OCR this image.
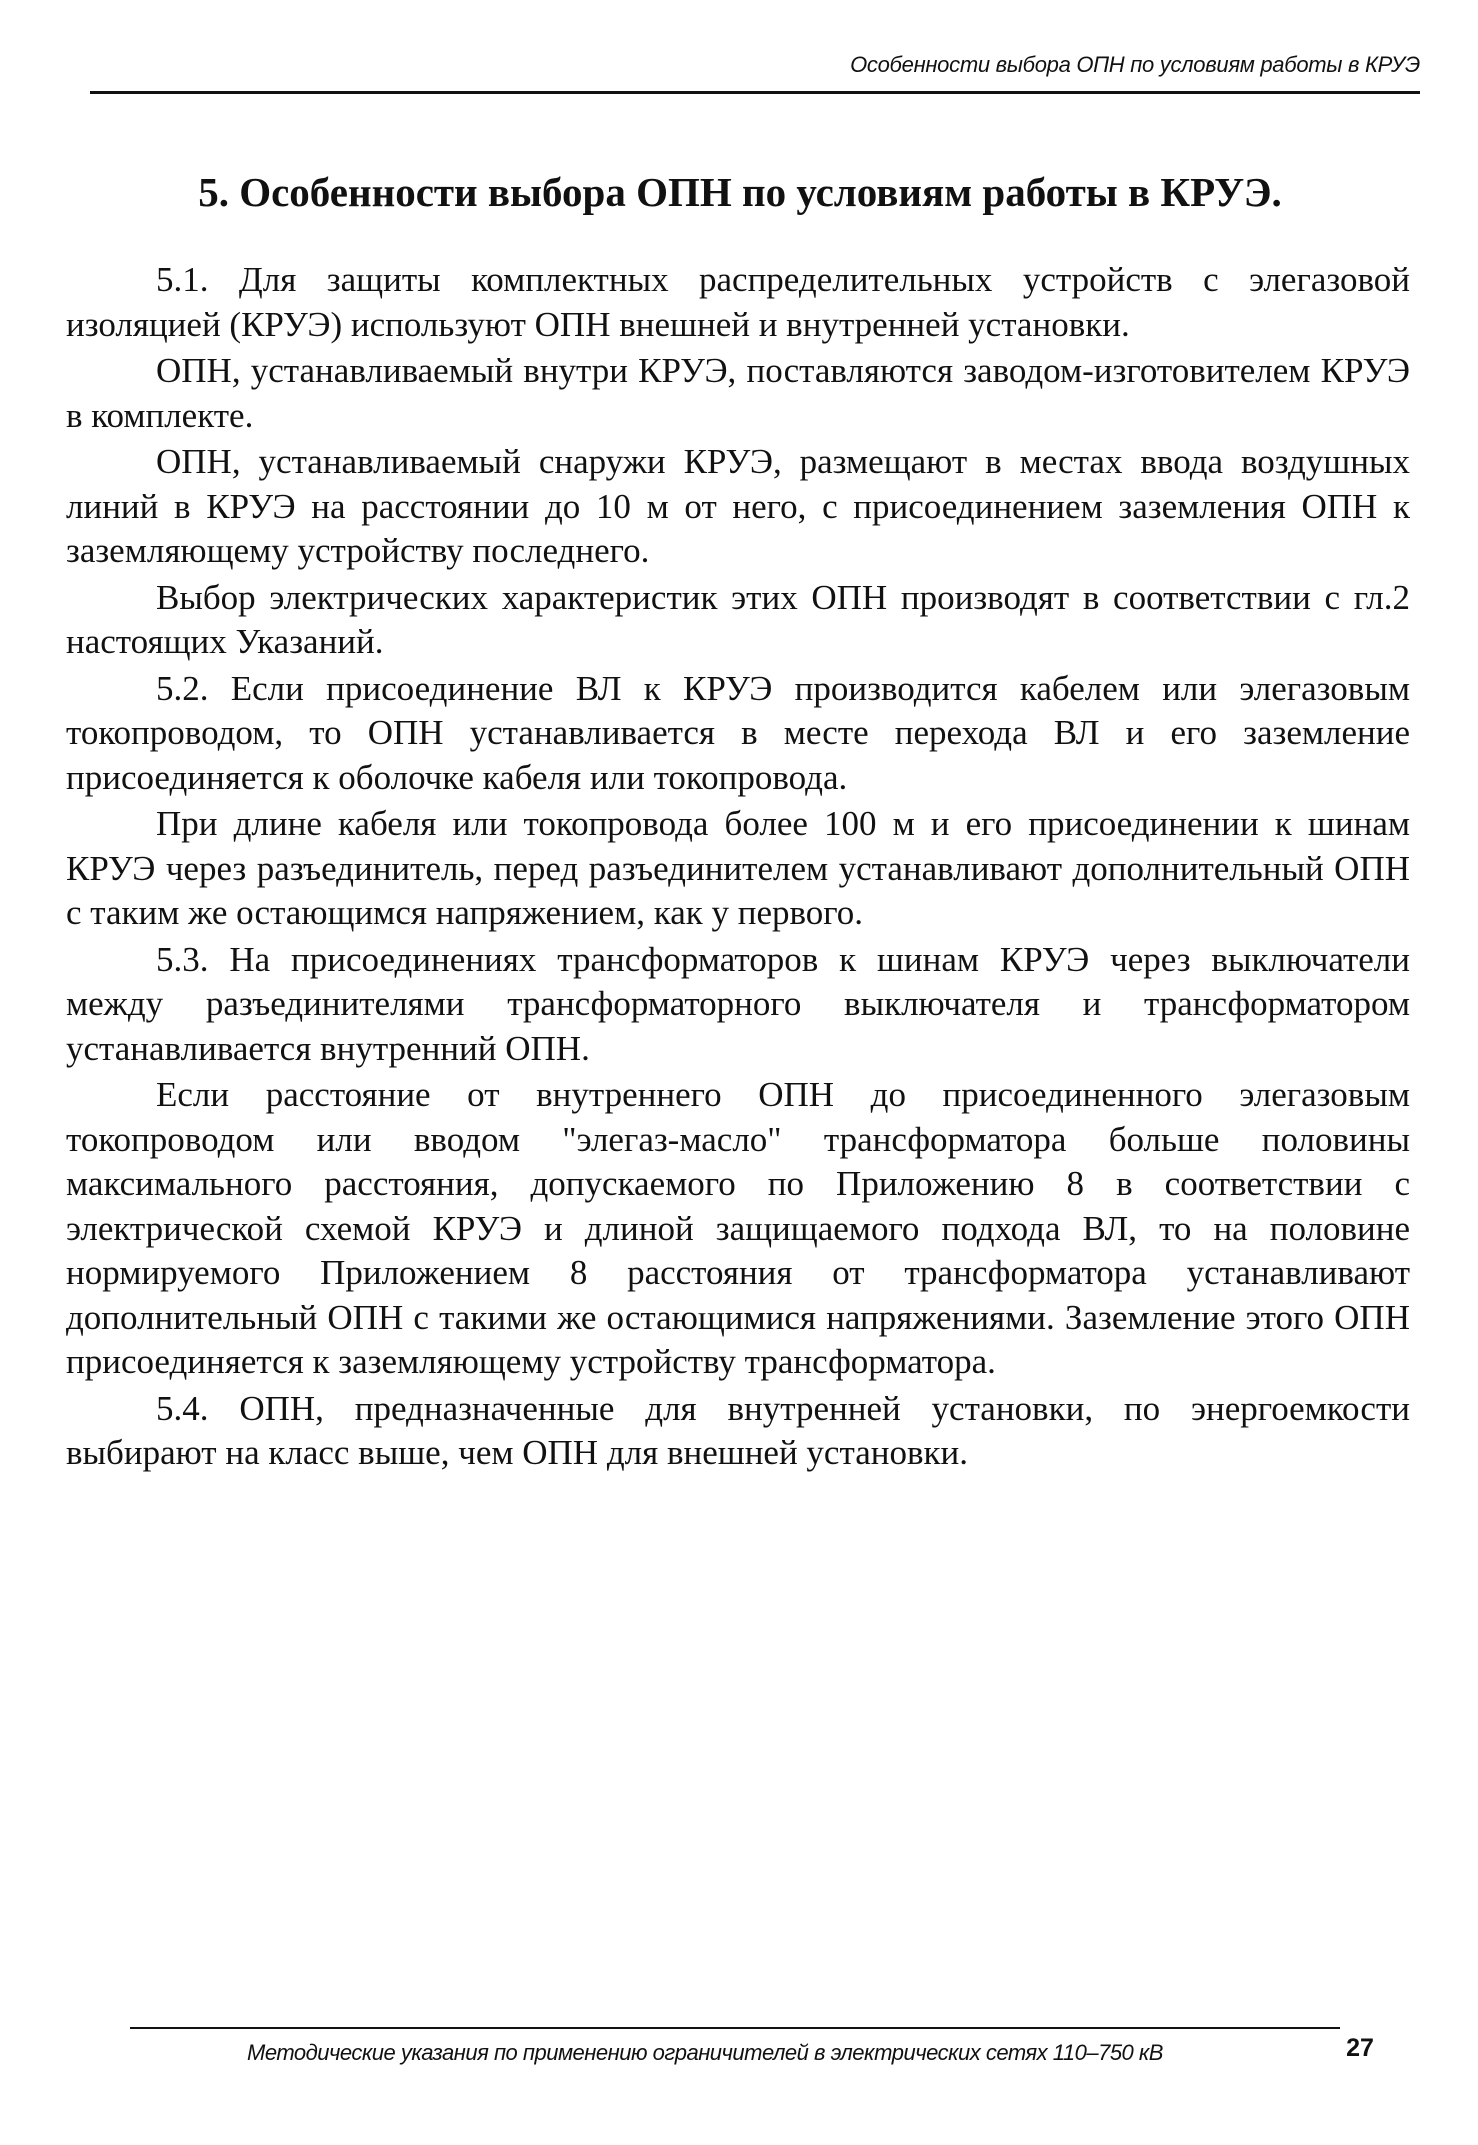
Особенности выбора ОПН по условиям работы в КРУЭ
5. Особенности выбора ОПН по условиям работы в КРУЭ.

5.1. Для защиты комплектных распределительных устройств с элегазовой изоляцией (КРУЭ) используют ОПН внешней и внутренней установки.

ОПН, устанавливаемый внутри КРУЭ, поставляются заводом-изготовителем КРУЭ в комплекте.

ОПН, устанавливаемый снаружи КРУЭ, размещают в местах ввода воздушных линий в КРУЭ на расстоянии до 10 м от него, с присоединением заземления ОПН к заземляющему устройству последнего.

Выбор электрических характеристик этих ОПН производят в соответствии с гл.2 настоящих Указаний.

5.2. Если присоединение ВЛ к КРУЭ производится кабелем или элегазовым токопроводом, то ОПН устанавливается в месте перехода ВЛ и его заземление присоединяется к оболочке кабеля или токопровода.

При длине кабеля или токопровода более 100 м и его присоединении к шинам КРУЭ через разъединитель, перед разъединителем устанавливают дополнительный ОПН с таким же остающимся напряжением, как у первого.

5.3. На присоединениях трансформаторов к шинам КРУЭ через выключатели между разъединителями трансформаторного выключателя и трансформатором устанавливается внутренний ОПН.

Если расстояние от внутреннего ОПН до присоединенного элегазовым токопроводом или вводом "элегаз-масло" трансформатора больше половины максимального расстояния, допускаемого по Приложению 8 в соответствии с электрической схемой КРУЭ и длиной защищаемого подхода ВЛ, то на половине нормируемого Приложением 8 расстояния от трансформатора устанавливают дополнительный ОПН с такими же остающимися напряжениями. Заземление этого ОПН присоединяется к заземляющему устройству трансформатора.

5.4. ОПН, предназначенные для внутренней установки, по энергоемкости выбирают на класс выше, чем ОПН для внешней установки.

Методические указания по применению ограничителей в электрических сетях 110–750 кВ	27
